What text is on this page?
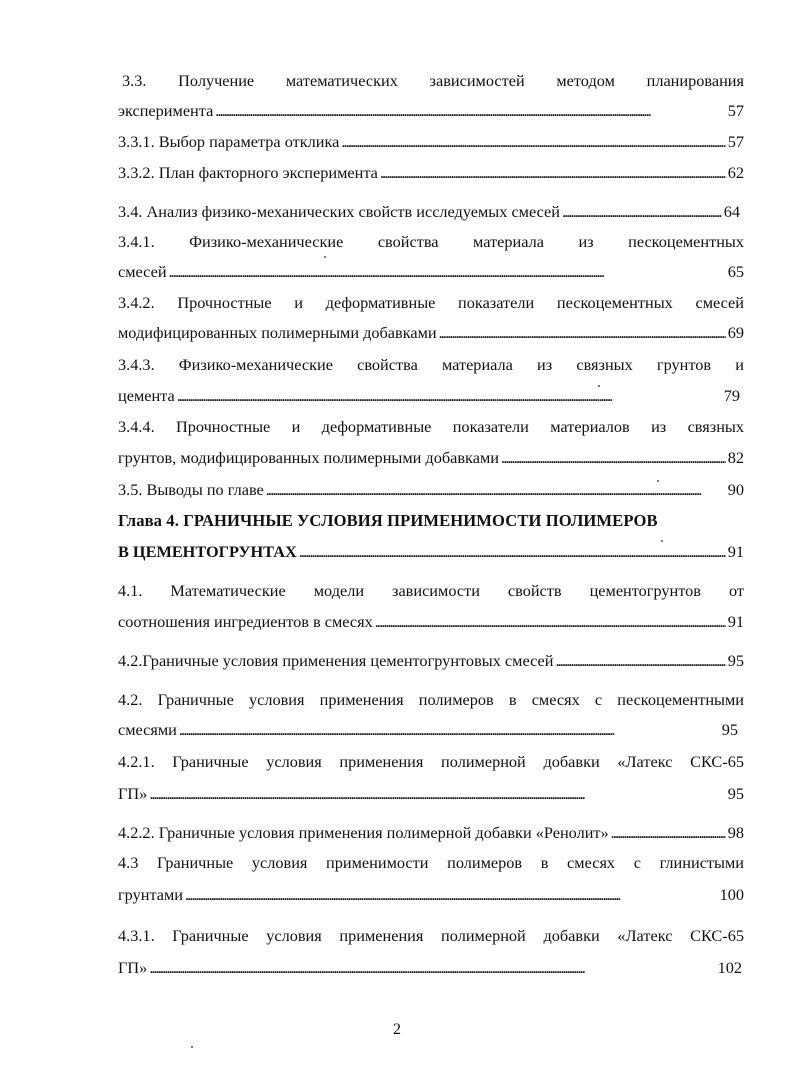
3.3. Получение математических зависимостей методом планирования
эксперимента . . .	57
3.3.1. Выбор параметра отклика . . .	57
3.3.2. План факторного эксперимента . . .	62
3.4. Анализ физико-механических свойств исследуемых смесей . . .	64
3.4.1. Физико-механические свойства материала из пескоцементных
смесей . . .	65
3.4.2. Прочностные и деформативные показатели пескоцементных смесей
модифицированных полимерными добавками . . .	69
3.4.3. Физико-механические свойства материала из связных грунтов и
цемента . . .	79
3.4.4. Прочностные и деформативные показатели материалов из связных
грунтов, модифицированных полимерными добавками . . .	82
3.5. Выводы по главе . . .	90
Глава 4. ГРАНИЧНЫЕ УСЛОВИЯ ПРИМЕНИМОСТИ ПОЛИМЕРОВ
В ЦЕМЕНТОГРУНТАХ . . .	91
4.1. Математические модели зависимости свойств цементогрунтов от
соотношения ингредиентов в смесях . . .	91
4.2.Граничные условия применения цементогрунтовых смесей . . .	95
4.2. Граничные условия применения полимеров в смесях с пескоцементными
смесями . . .	95
4.2.1. Граничные условия применения полимерной добавки «Латекс СКС-65
ГП» . . .	95
4.2.2. Граничные условия применения полимерной добавки «Ренолит» . . .	98
4.3 Граничные условия применимости полимеров в смесях с глинистыми
грунтами . . .	100
4.3.1. Граничные условия применения полимерной добавки «Латекс СКС-65
ГП» . . .	102
2
